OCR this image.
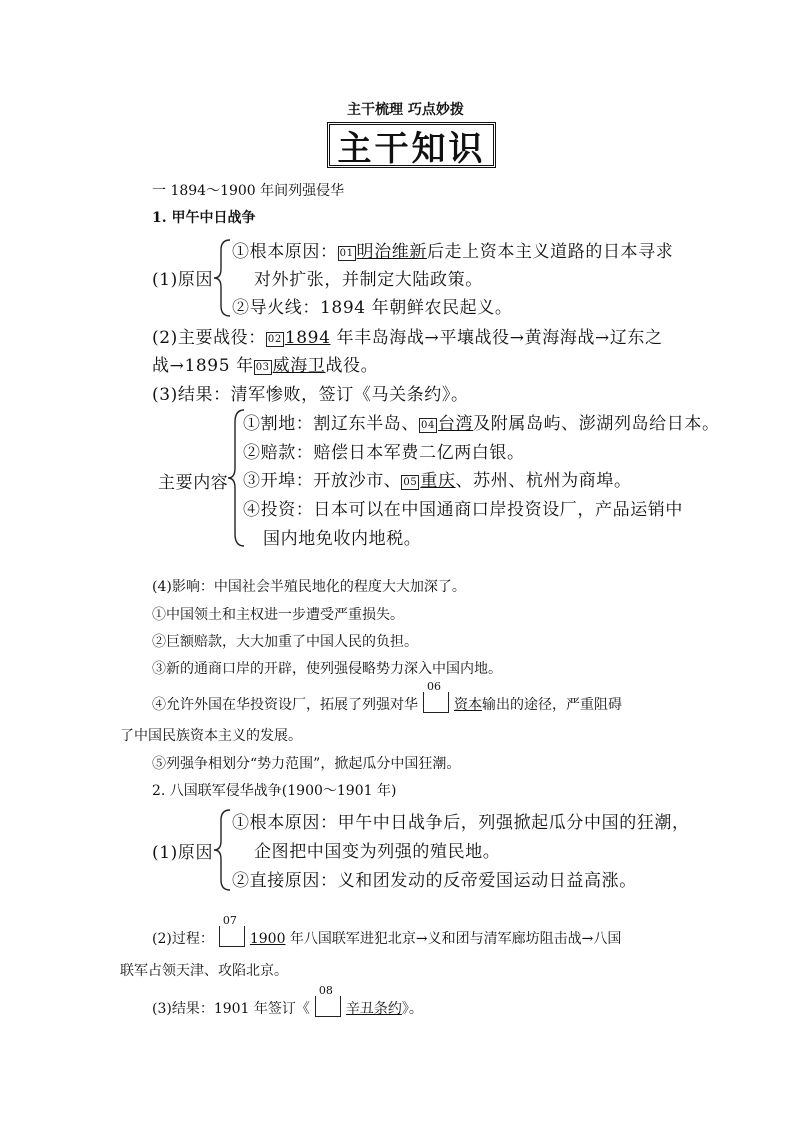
主干梳理 巧点妙拨
主干知识
一 1894～1900 年间列强侵华
1. 甲午中日战争
(1)原因
①根本原因： 01 明治维新后走上资本主义道路的日本寻求
对外扩张，并制定大陆政策。
②导火线：1894 年朝鲜农民起义。
(2)主要战役： 02 1894 年丰岛海战→平壤战役→黄海海战→辽东之
战→1895 年 03 威海卫战役。
(3)结果：清军惨败，签订《马关条约》。
主要内容
①割地：割辽东半岛、 04 台湾及附属岛屿、澎湖列岛给日本。
②赔款：赔偿日本军费二亿两白银。
③开埠：开放沙市、 05 重庆、苏州、杭州为商埠。
④投资：日本可以在中国通商口岸投资设厂，产品运销中
国内地免收内地税。
(4)影响：中国社会半殖民地化的程度大大加深了。
①中国领土和主权进一步遭受严重损失。
②巨额赔款，大大加重了中国人民的负担。
③新的通商口岸的开辟，使列强侵略势力深入中国内地。
④允许外国在华投资设厂，拓展了列强对华
06
资本输出的途径，严重阻碍
了中国民族资本主义的发展。
⑤列强争相划分“势力范围”，掀起瓜分中国狂潮。
2. 八国联军侵华战争(1900～1901 年)
(1)原因
①根本原因：甲午中日战争后，列强掀起瓜分中国的狂潮，
企图把中国变为列强的殖民地。
②直接原因：义和团发动的反帝爱国运动日益高涨。
(2)过程：
07
1900 年八国联军进犯北京→义和团与清军廊坊阻击战→八国
联军占领天津、攻陷北京。
(3)结果：1901 年签订《
08
辛丑条约》。
